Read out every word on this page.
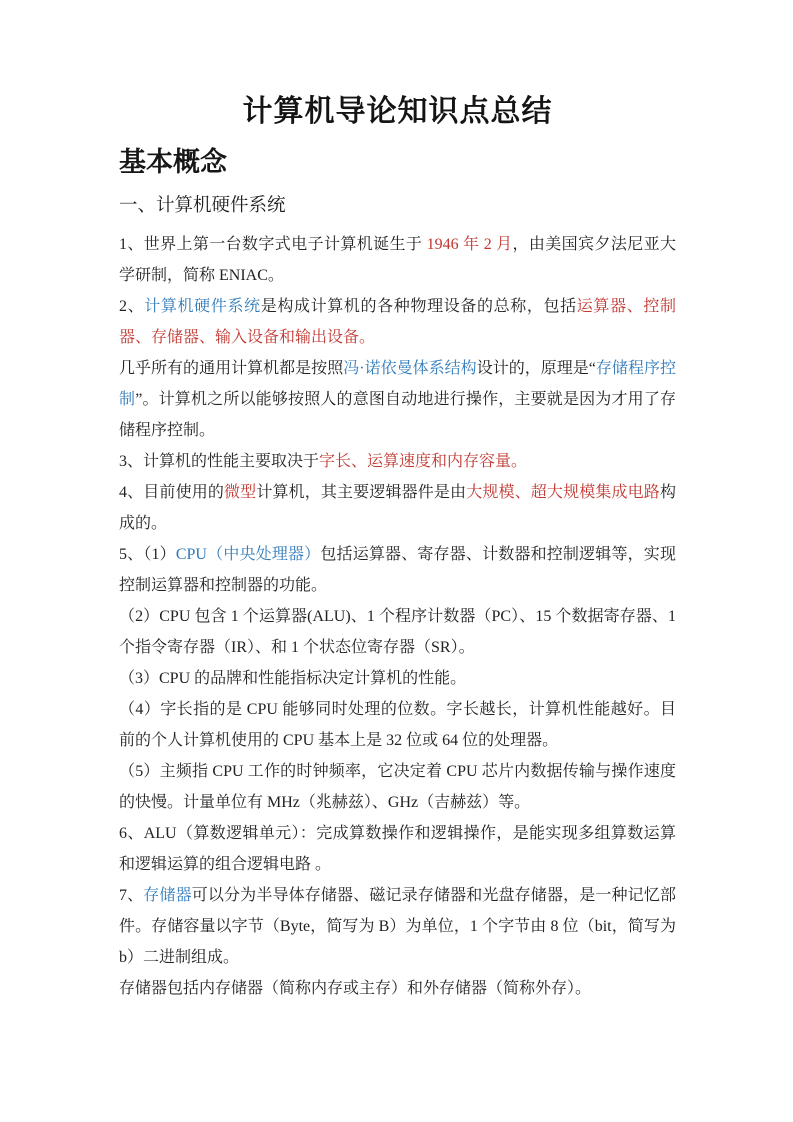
计算机导论知识点总结
基本概念
一、计算机硬件系统

1、世界上第一台数字式电子计算机诞生于 1946 年 2 月，由美国宾夕法尼亚大学研制，简称 ENIAC。

2、计算机硬件系统是构成计算机的各种物理设备的总称，包括运算器、控制器、存储器、输入设备和输出设备。

几乎所有的通用计算机都是按照冯·诺依曼体系结构设计的，原理是“存储程序控制”。计算机之所以能够按照人的意图自动地进行操作，主要就是因为才用了存储程序控制。

3、计算机的性能主要取决于字长、运算速度和内存容量。

4、目前使用的微型计算机，其主要逻辑器件是由大规模、超大规模集成电路构成的。

5、（1）CPU（中央处理器）包括运算器、寄存器、计数器和控制逻辑等，实现控制运算器和控制器的功能。

（2）CPU 包含 1 个运算器(ALU)、1 个程序计数器（PC）、15 个数据寄存器、1 个指令寄存器（IR）、和 1 个状态位寄存器（SR）。

（3）CPU 的品牌和性能指标决定计算机的性能。

（4）字长指的是 CPU 能够同时处理的位数。字长越长，计算机性能越好。目前的个人计算机使用的 CPU 基本上是 32 位或 64 位的处理器。

（5）主频指 CPU 工作的时钟频率，它决定着 CPU 芯片内数据传输与操作速度的快慢。计量单位有 MHz（兆赫兹）、GHz（吉赫兹）等。

6、ALU（算数逻辑单元）：完成算数操作和逻辑操作，是能实现多组算数运算和逻辑运算的组合逻辑电路 。

7、存储器可以分为半导体存储器、磁记录存储器和光盘存储器，是一种记忆部件。存储容量以字节（Byte，简写为 B）为单位，1 个字节由 8 位（bit，简写为 b）二进制组成。

存储器包括内存储器（简称内存或主存）和外存储器（简称外存）。
